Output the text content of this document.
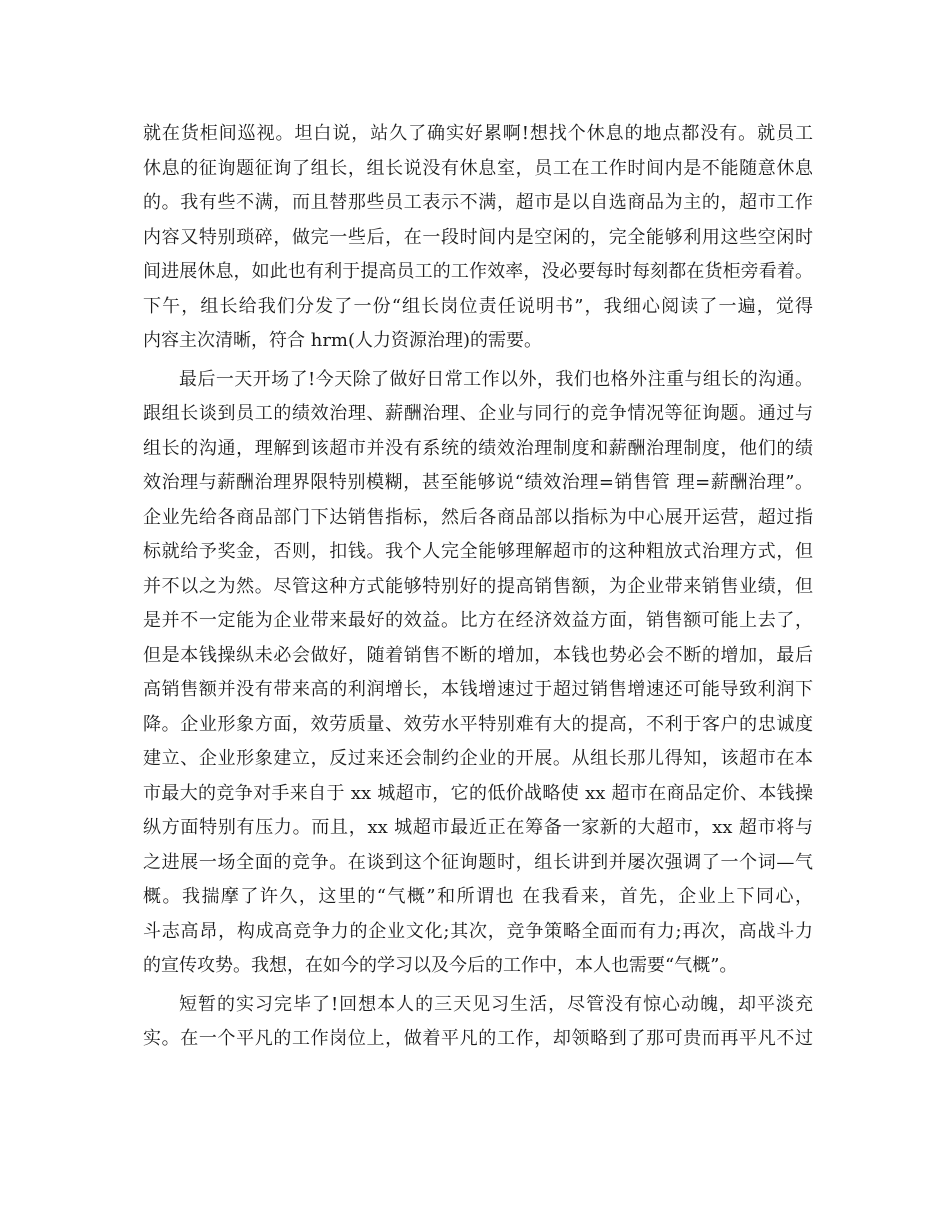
就在货柜间巡视。坦白说，站久了确实好累啊!想找个休息的地点都没有。就员工
休息的征询题征询了组长，组长说没有休息室，员工在工作时间内是不能随意休息
的。我有些不满，而且替那些员工表示不满，超市是以自选商品为主的，超市工作
内容又特别琐碎，做完一些后，在一段时间内是空闲的，完全能够利用这些空闲时
间进展休息，如此也有利于提高员工的工作效率，没必要每时每刻都在货柜旁看着。
下午，组长给我们分发了一份“组长岗位责任说明书”，我细心阅读了一遍，觉得
内容主次清晰，符合 hrm(人力资源治理)的需要。
最后一天开场了!今天除了做好日常工作以外，我们也格外注重与组长的沟通。
跟组长谈到员工的绩效治理、薪酬治理、企业与同行的竞争情况等征询题。通过与
组长的沟通，理解到该超市并没有系统的绩效治理制度和薪酬治理制度，他们的绩
效治理与薪酬治理界限特别模糊，甚至能够说“绩效治理=销售管 理=薪酬治理”。
企业先给各商品部门下达销售指标，然后各商品部以指标为中心展开运营，超过指
标就给予奖金，否则，扣钱。我个人完全能够理解超市的这种粗放式治理方式，但
并不以之为然。尽管这种方式能够特别好的提高销售额，为企业带来销售业绩，但
是并不一定能为企业带来最好的效益。比方在经济效益方面，销售额可能上去了，
但是本钱操纵未必会做好，随着销售不断的增加，本钱也势必会不断的增加，最后
高销售额并没有带来高的利润增长，本钱增速过于超过销售增速还可能导致利润下
降。企业形象方面，效劳质量、效劳水平特别难有大的提高，不利于客户的忠诚度
建立、企业形象建立，反过来还会制约企业的开展。从组长那儿得知，该超市在本
市最大的竞争对手来自于 xx 城超市，它的低价战略使 xx 超市在商品定价、本钱操
纵方面特别有压力。而且，xx 城超市最近正在筹备一家新的大超市，xx 超市将与
之进展一场全面的竞争。在谈到这个征询题时，组长讲到并屡次强调了一个词—气
概。我揣摩了许久，这里的“气概”和所谓也 在我看来，首先，企业上下同心，
斗志高昂，构成高竞争力的企业文化;其次，竞争策略全面而有力;再次，高战斗力
的宣传攻势。我想，在如今的学习以及今后的工作中，本人也需要“气概”。
短暂的实习完毕了!回想本人的三天见习生活，尽管没有惊心动魄，却平淡充
实。在一个平凡的工作岗位上，做着平凡的工作，却领略到了那可贵而再平凡不过
